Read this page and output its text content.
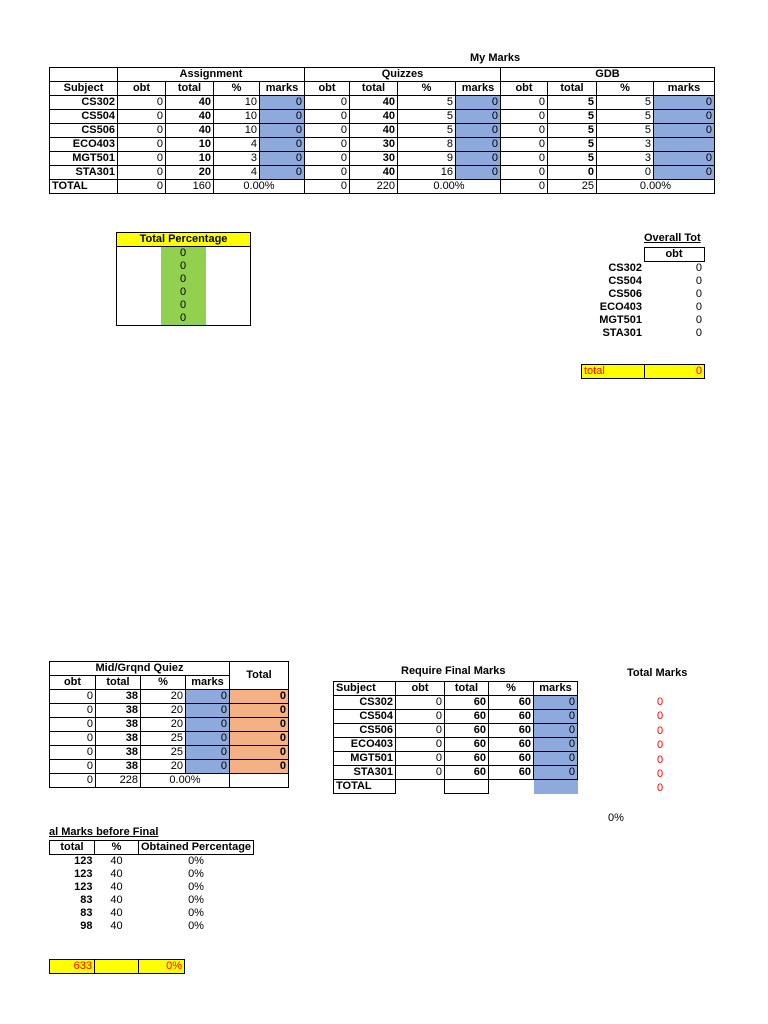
My Marks
	Assignment				Quizzes				GDB			
Subject	obt	total	%	marks	obt	total	%	marks	obt	total	%	marks
CS302	0	40	10	0	0	40	5	0	0	5	5	0
CS504	0	40	10	0	0	40	5	0	0	5	5	0
CS506	0	40	10	0	0	40	5	0	0	5	5	0
ECO403	0	10	4	0	0	30	8	0	0	5	3	
MGT501	0	10	3	0	0	30	9	0	0	5	3	0
STA301	0	20	4	0	0	40	16	0	0	0	0	0
TOTAL	0	160	0.00%		0	220	0.00%		0	25	0.00%	
Total Percentage		
	0	
	0	
	0	
	0	
	0	
	0	
Overall Tot
	obt
CS302	0
CS504	0
CS506	0
ECO403	0
MGT501	0
STA301	0
total	0
Mid/Grqnd Quiez				Total
obt	total	%	marks	
0	38	20	0	0
0	38	20	0	0
0	38	20	0	0
0	38	25	0	0
0	38	25	0	0
0	38	20	0	0
0	228	0.00%		
Require Final Marks
Subject	obt	total	%	marks
CS302	0	60	60	0
CS504	0	60	60	0
CS506	0	60	60	0
ECO403	0	60	60	0
MGT501	0	60	60	0
STA301	0	60	60	0
TOTAL				
Total Marks
0
0
0
0
0
0
0
0%
al Marks before Final
total	%	Obtained Percentage
123	40	0%
123	40	0%
123	40	0%
83	40	0%
83	40	0%
98	40	0%
633		0%
